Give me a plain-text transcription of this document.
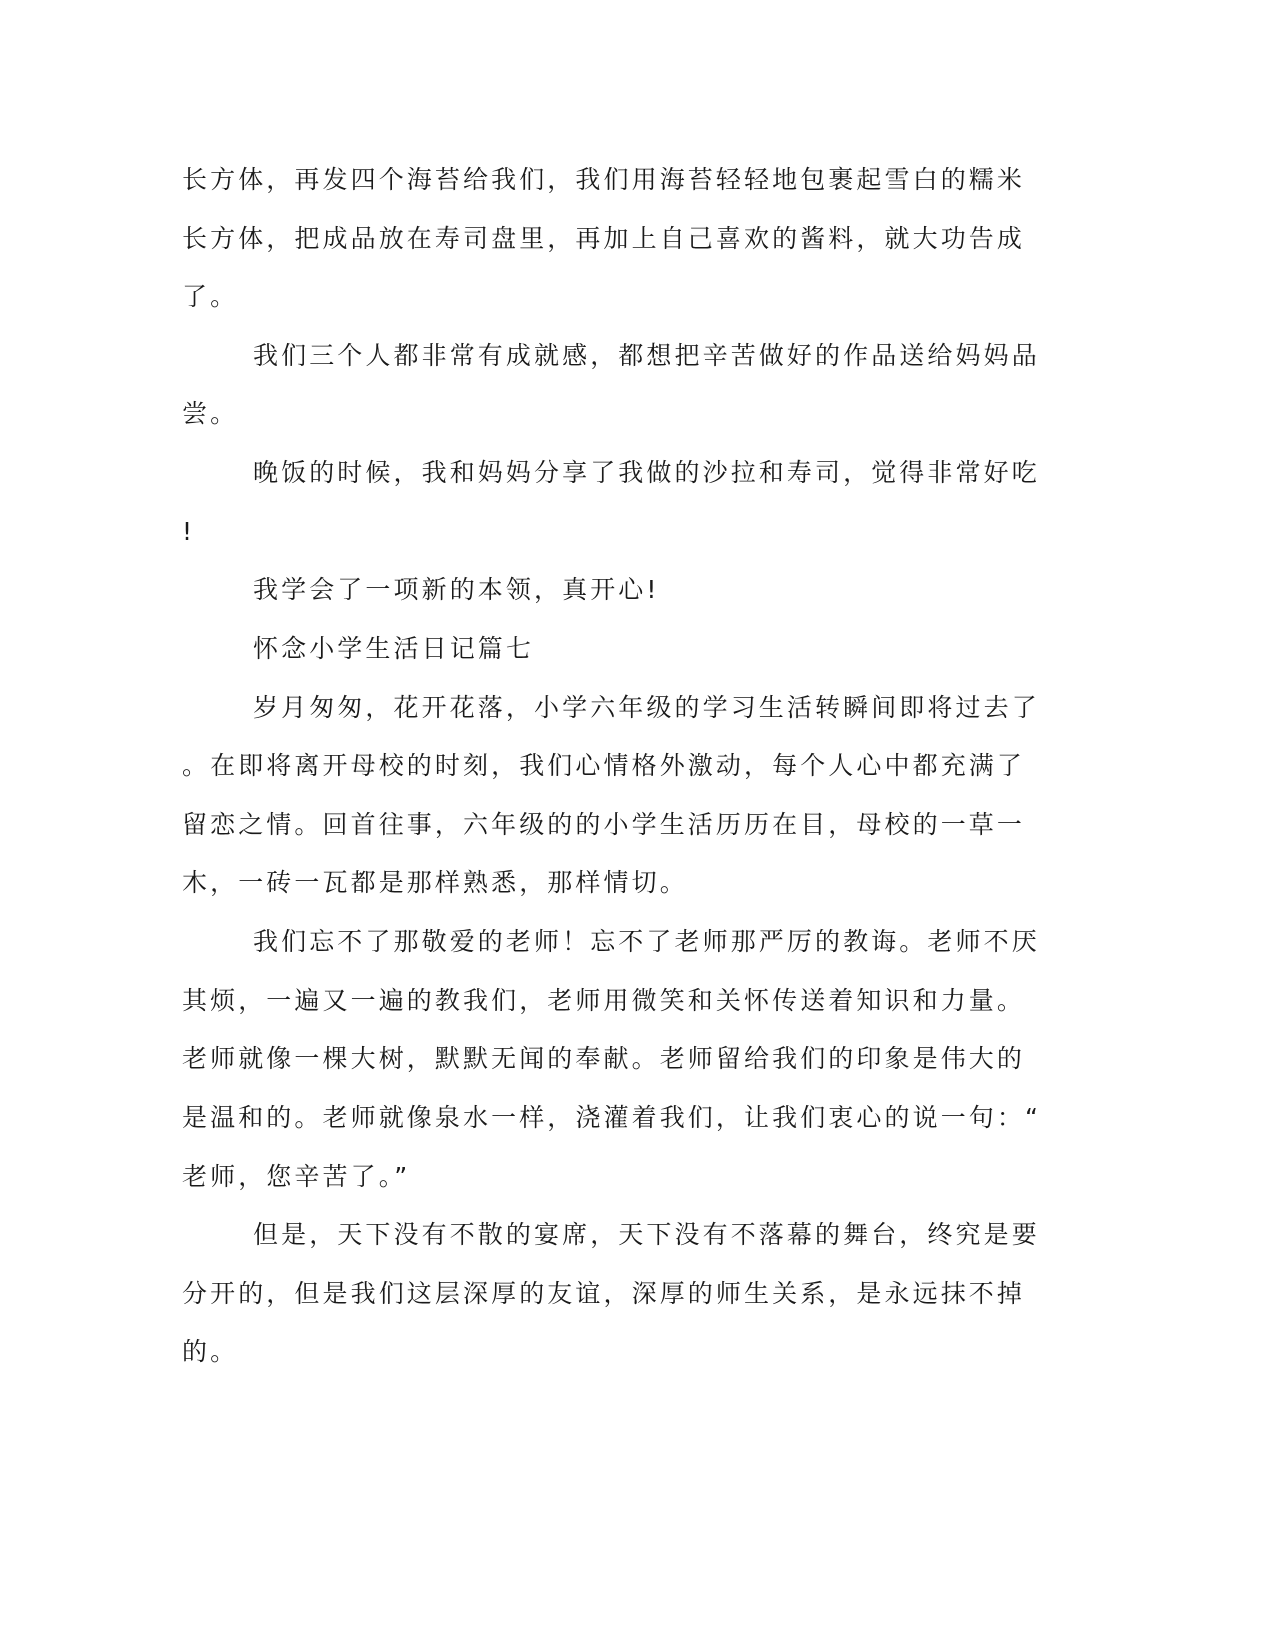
长方体，再发四个海苔给我们，我们用海苔轻轻地包裹起雪白的糯米
长方体，把成品放在寿司盘里，再加上自己喜欢的酱料，就大功告成
了。
我们三个人都非常有成就感，都想把辛苦做好的作品送给妈妈品
尝。
晚饭的时候，我和妈妈分享了我做的沙拉和寿司，觉得非常好吃
!
我学会了一项新的本领，真开心!
怀念小学生活日记篇七
岁月匆匆，花开花落，小学六年级的学习生活转瞬间即将过去了
。在即将离开母校的时刻，我们心情格外激动，每个人心中都充满了
留恋之情。回首往事，六年级的的小学生活历历在目，母校的一草一
木，一砖一瓦都是那样熟悉，那样情切。
我们忘不了那敬爱的老师！忘不了老师那严厉的教诲。老师不厌
其烦，一遍又一遍的教我们，老师用微笑和关怀传送着知识和力量。
老师就像一棵大树，默默无闻的奉献。老师留给我们的印象是伟大的
是温和的。老师就像泉水一样，浇灌着我们，让我们衷心的说一句：“
老师，您辛苦了。”
但是，天下没有不散的宴席，天下没有不落幕的舞台，终究是要
分开的，但是我们这层深厚的友谊，深厚的师生关系，是永远抹不掉
的。
